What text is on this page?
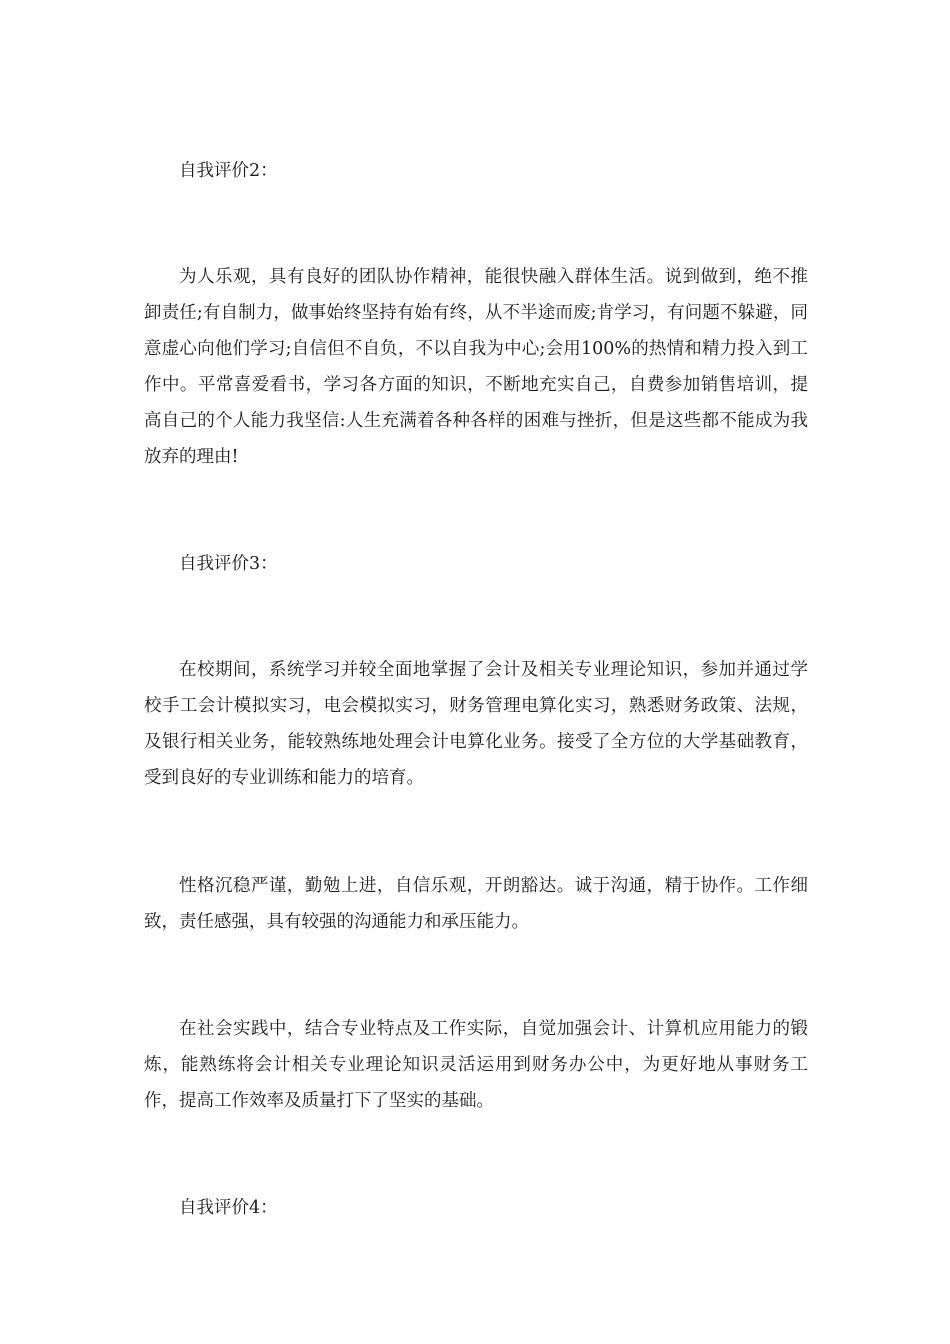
自我评价2：

为人乐观，具有良好的团队协作精神，能很快融入群体生活。说到做到，绝不推卸责任;有自制力，做事始终坚持有始有终，从不半途而废;肯学习，有问题不躲避，同意虚心向他们学习;自信但不自负，不以自我为中心;会用100%的热情和精力投入到工作中。平常喜爱看书，学习各方面的知识，不断地充实自己，自费参加销售培训，提高自己的个人能力我坚信:人生充满着各种各样的困难与挫折，但是这些都不能成为我放弃的理由!

自我评价3：

在校期间，系统学习并较全面地掌握了会计及相关专业理论知识，参加并通过学校手工会计模拟实习，电会模拟实习，财务管理电算化实习，熟悉财务政策、法规，及银行相关业务，能较熟练地处理会计电算化业务。接受了全方位的大学基础教育，受到良好的专业训练和能力的培育。

性格沉稳严谨，勤勉上进，自信乐观，开朗豁达。诚于沟通，精于协作。工作细致，责任感强，具有较强的沟通能力和承压能力。

在社会实践中，结合专业特点及工作实际，自觉加强会计、计算机应用能力的锻炼，能熟练将会计相关专业理论知识灵活运用到财务办公中，为更好地从事财务工作，提高工作效率及质量打下了坚实的基础。

自我评价4：
